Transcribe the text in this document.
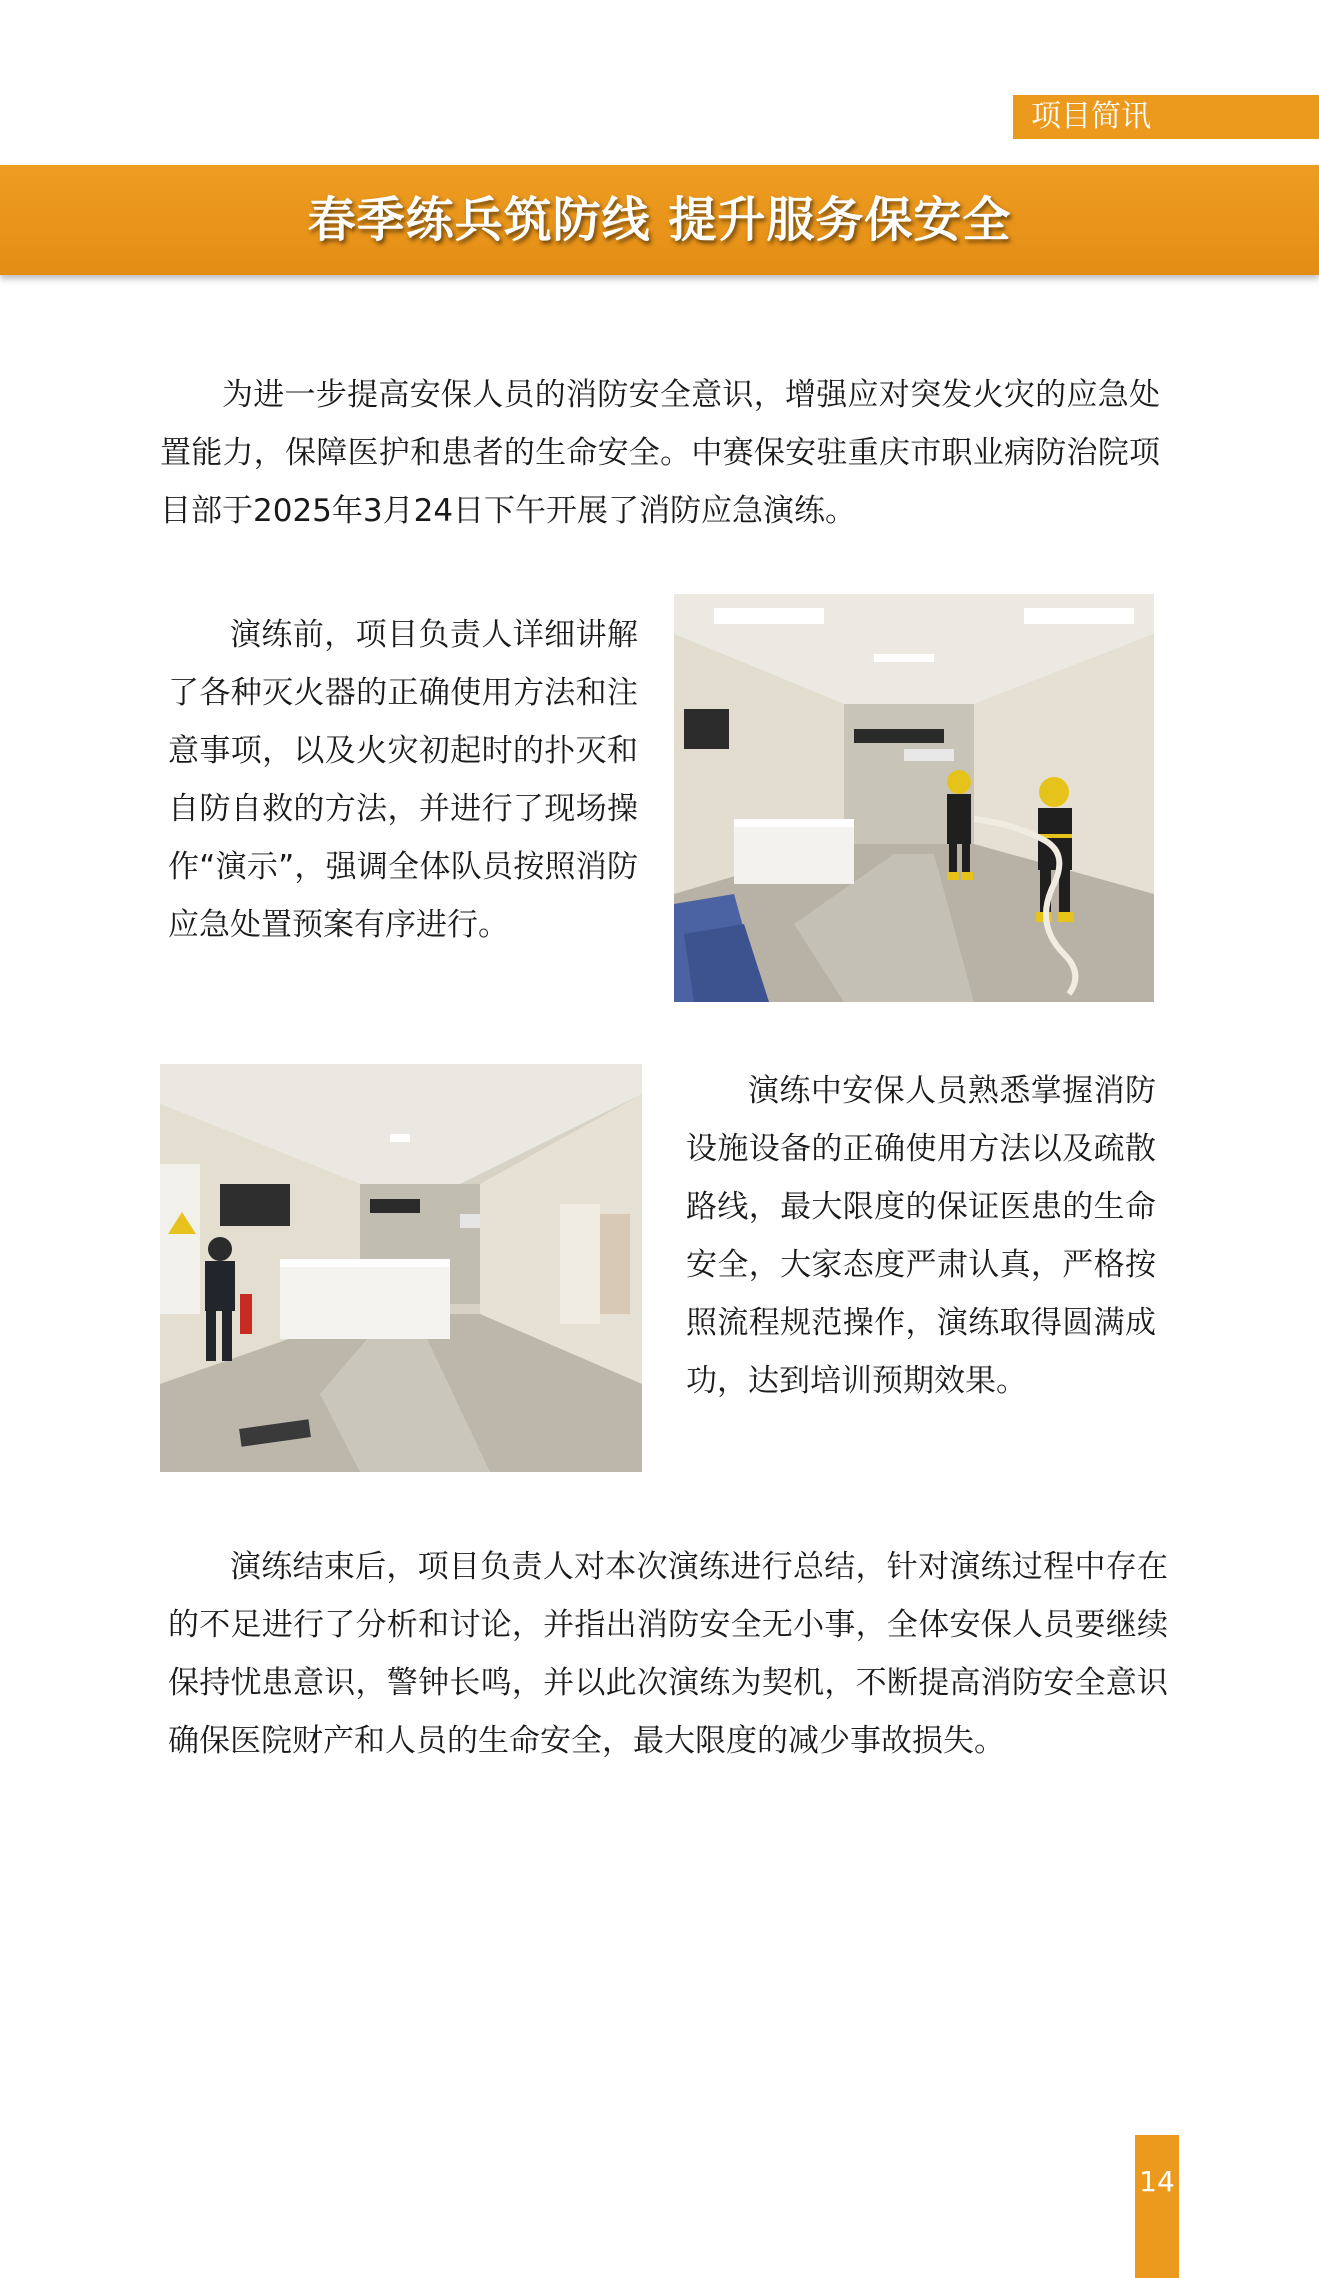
项目简讯
春季练兵筑防线 提升服务保安全

为进一步提高安保人员的消防安全意识，增强应对突发火灾的应急处置能力，保障医护和患者的生命安全。中赛保安驻重庆市职业病防治院项目部于2025年3月24日下午开展了消防应急演练。

演练前，项目负责人详细讲解了各种灭火器的正确使用方法和注意事项，以及火灾初起时的扑灭和自防自救的方法，并进行了现场操作“演示”，强调全体队员按照消防应急处置预案有序进行。

演练中安保人员熟悉掌握消防设施设备的正确使用方法以及疏散路线，最大限度的保证医患的生命安全，大家态度严肃认真，严格按照流程规范操作，演练取得圆满成功，达到培训预期效果。

演练结束后，项目负责人对本次演练进行总结，针对演练过程中存在的不足进行了分析和讨论，并指出消防安全无小事，全体安保人员要继续保持忧患意识，警钟长鸣，并以此次演练为契机，不断提高消防安全意识确保医院财产和人员的生命安全，最大限度的减少事故损失。

14
